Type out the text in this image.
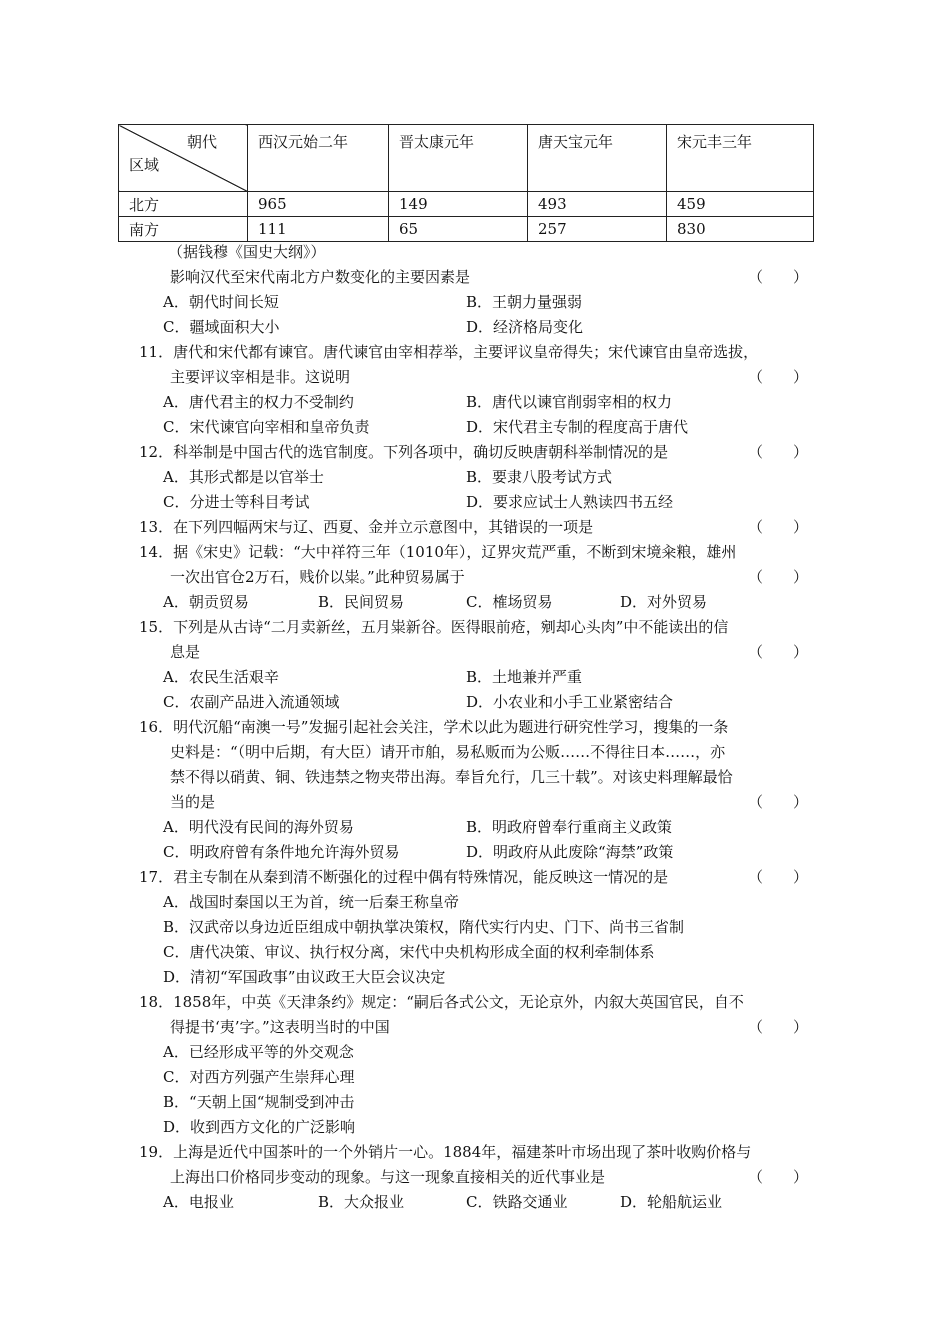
朝代
区域	西汉元始二年	晋太康元年	唐天宝元年	宋元丰三年
北方	965	149	493	459
南方	111	65	257	830
（据钱穆《国史大纲》）
影响汉代至宋代南北方户数变化的主要因素是	（　　）
A．朝代时间长短	B．王朝力量强弱
C．疆域面积大小	D．经济格局变化
11．唐代和宋代都有谏官。唐代谏官由宰相荐举，主要评议皇帝得失；宋代谏官由皇帝选拔，
主要评议宰相是非。这说明	（　　）
A．唐代君主的权力不受制约	B．唐代以谏官削弱宰相的权力
C．宋代谏官向宰相和皇帝负责	D．宋代君主专制的程度高于唐代
12．科举制是中国古代的选官制度。下列各项中，确切反映唐朝科举制情况的是	（　　）
A．其形式都是以官举士	B．要隶八股考试方式
C．分进士等科目考试	D．要求应试士人熟读四书五经
13．在下列四幅两宋与辽、西夏、金并立示意图中，其错误的一项是	（　　）
14．据《宋史》记载：“大中祥符三年（1010年），辽界灾荒严重，不断到宋境籴粮，雄州
一次出官仓2万石，贱价以粜。”此种贸易属于	（　　）
A．朝贡贸易	B．民间贸易	C．榷场贸易	D．对外贸易
15．下列是从古诗“二月卖新丝，五月粜新谷。医得眼前疮，剜却心头肉”中不能读出的信
息是	（　　）
A．农民生活艰辛	B．土地兼并严重
C．农副产品进入流通领域	D．小农业和小手工业紧密结合
16．明代沉船“南澳一号”发掘引起社会关注，学术以此为题进行研究性学习，搜集的一条
史料是：“（明中后期，有大臣）请开市舶，易私贩而为公贩……不得往日本……，亦
禁不得以硝黄、铜、铁违禁之物夹带出海。奉旨允行，几三十载”。对该史料理解最恰
当的是	（　　）
A．明代没有民间的海外贸易	B．明政府曾奉行重商主义政策
C．明政府曾有条件地允许海外贸易	D．明政府从此废除“海禁”政策
17．君主专制在从秦到清不断强化的过程中偶有特殊情况，能反映这一情况的是	（　　）
A．战国时秦国以王为首，统一后秦王称皇帝
B．汉武帝以身边近臣组成中朝执掌决策权，隋代实行内史、门下、尚书三省制
C．唐代决策、审议、执行权分离，宋代中央机构形成全面的权利牵制体系
D．清初“军国政事”由议政王大臣会议决定
18．1858年，中英《天津条约》规定：“嗣后各式公文，无论京外，内叙大英国官民，自不
得提书‘夷’字。”这表明当时的中国	（　　）
A．已经形成平等的外交观念
C．对西方列强产生崇拜心理
B．“天朝上国“规制受到冲击
D．收到西方文化的广泛影响
19．上海是近代中国茶叶的一个外销片一心。1884年，福建茶叶市场出现了茶叶收购价格与
上海出口价格同步变动的现象。与这一现象直接相关的近代事业是	（　　）
A．电报业	B．大众报业	C．铁路交通业	D．轮船航运业
